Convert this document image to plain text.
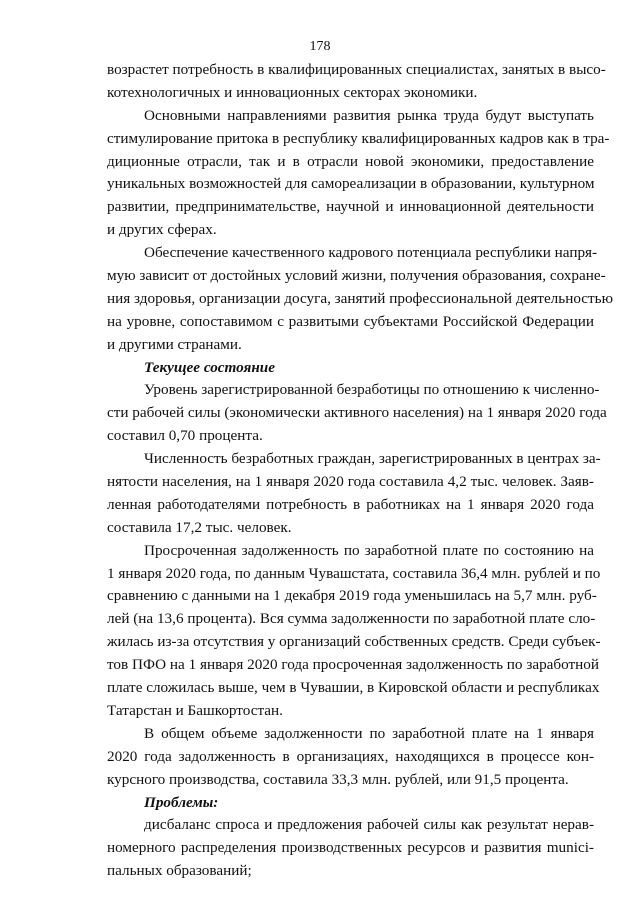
178
возрастет потребность в квалифицированных специалистах, занятых в высо-
котехнологичных и инновационных секторах экономики.
Основными направлениями развития рынка труда будут выступать
стимулирование притока в республику квалифицированных кадров как в тра-
диционные отрасли, так и в отрасли новой экономики, предоставление
уникальных возможностей для самореализации в образовании, культурном
развитии, предпринимательстве, научной и инновационной деятельности
и других сферах.
Обеспечение качественного кадрового потенциала республики напря-
мую зависит от достойных условий жизни, получения образования, сохране-
ния здоровья, организации досуга, занятий профессиональной деятельностью
на уровне, сопоставимом с развитыми субъектами Российской Федерации
и другими странами.
Текущее состояние
Уровень зарегистрированной безработицы по отношению к численно-
сти рабочей силы (экономически активного населения) на 1 января 2020 года
составил 0,70 процента.
Численность безработных граждан, зарегистрированных в центрах за-
нятости населения, на 1 января 2020 года составила 4,2 тыс. человек. Заяв-
ленная работодателями потребность в работниках на 1 января 2020 года
составила 17,2 тыс. человек.
Просроченная задолженность по заработной плате по состоянию на
1 января 2020 года, по данным Чувашстата, составила 36,4 млн. рублей и по
сравнению с данными на 1 декабря 2019 года уменьшилась на 5,7 млн. руб-
лей (на 13,6 процента). Вся сумма задолженности по заработной плате сло-
жилась из-за отсутствия у организаций собственных средств. Среди субъек-
тов ПФО на 1 января 2020 года просроченная задолженность по заработной
плате сложилась выше, чем в Чувашии, в Кировской области и республиках
Татарстан и Башкортостан.
В общем объеме задолженности по заработной плате на 1 января
2020 года задолженность в организациях, находящихся в процессе кон-
курсного производства, составила 33,3 млн. рублей, или 91,5 процента.
Проблемы:
дисбаланс спроса и предложения рабочей силы как результат нерав-
номерного распределения производственных ресурсов и развития munici-
пальных образований;
